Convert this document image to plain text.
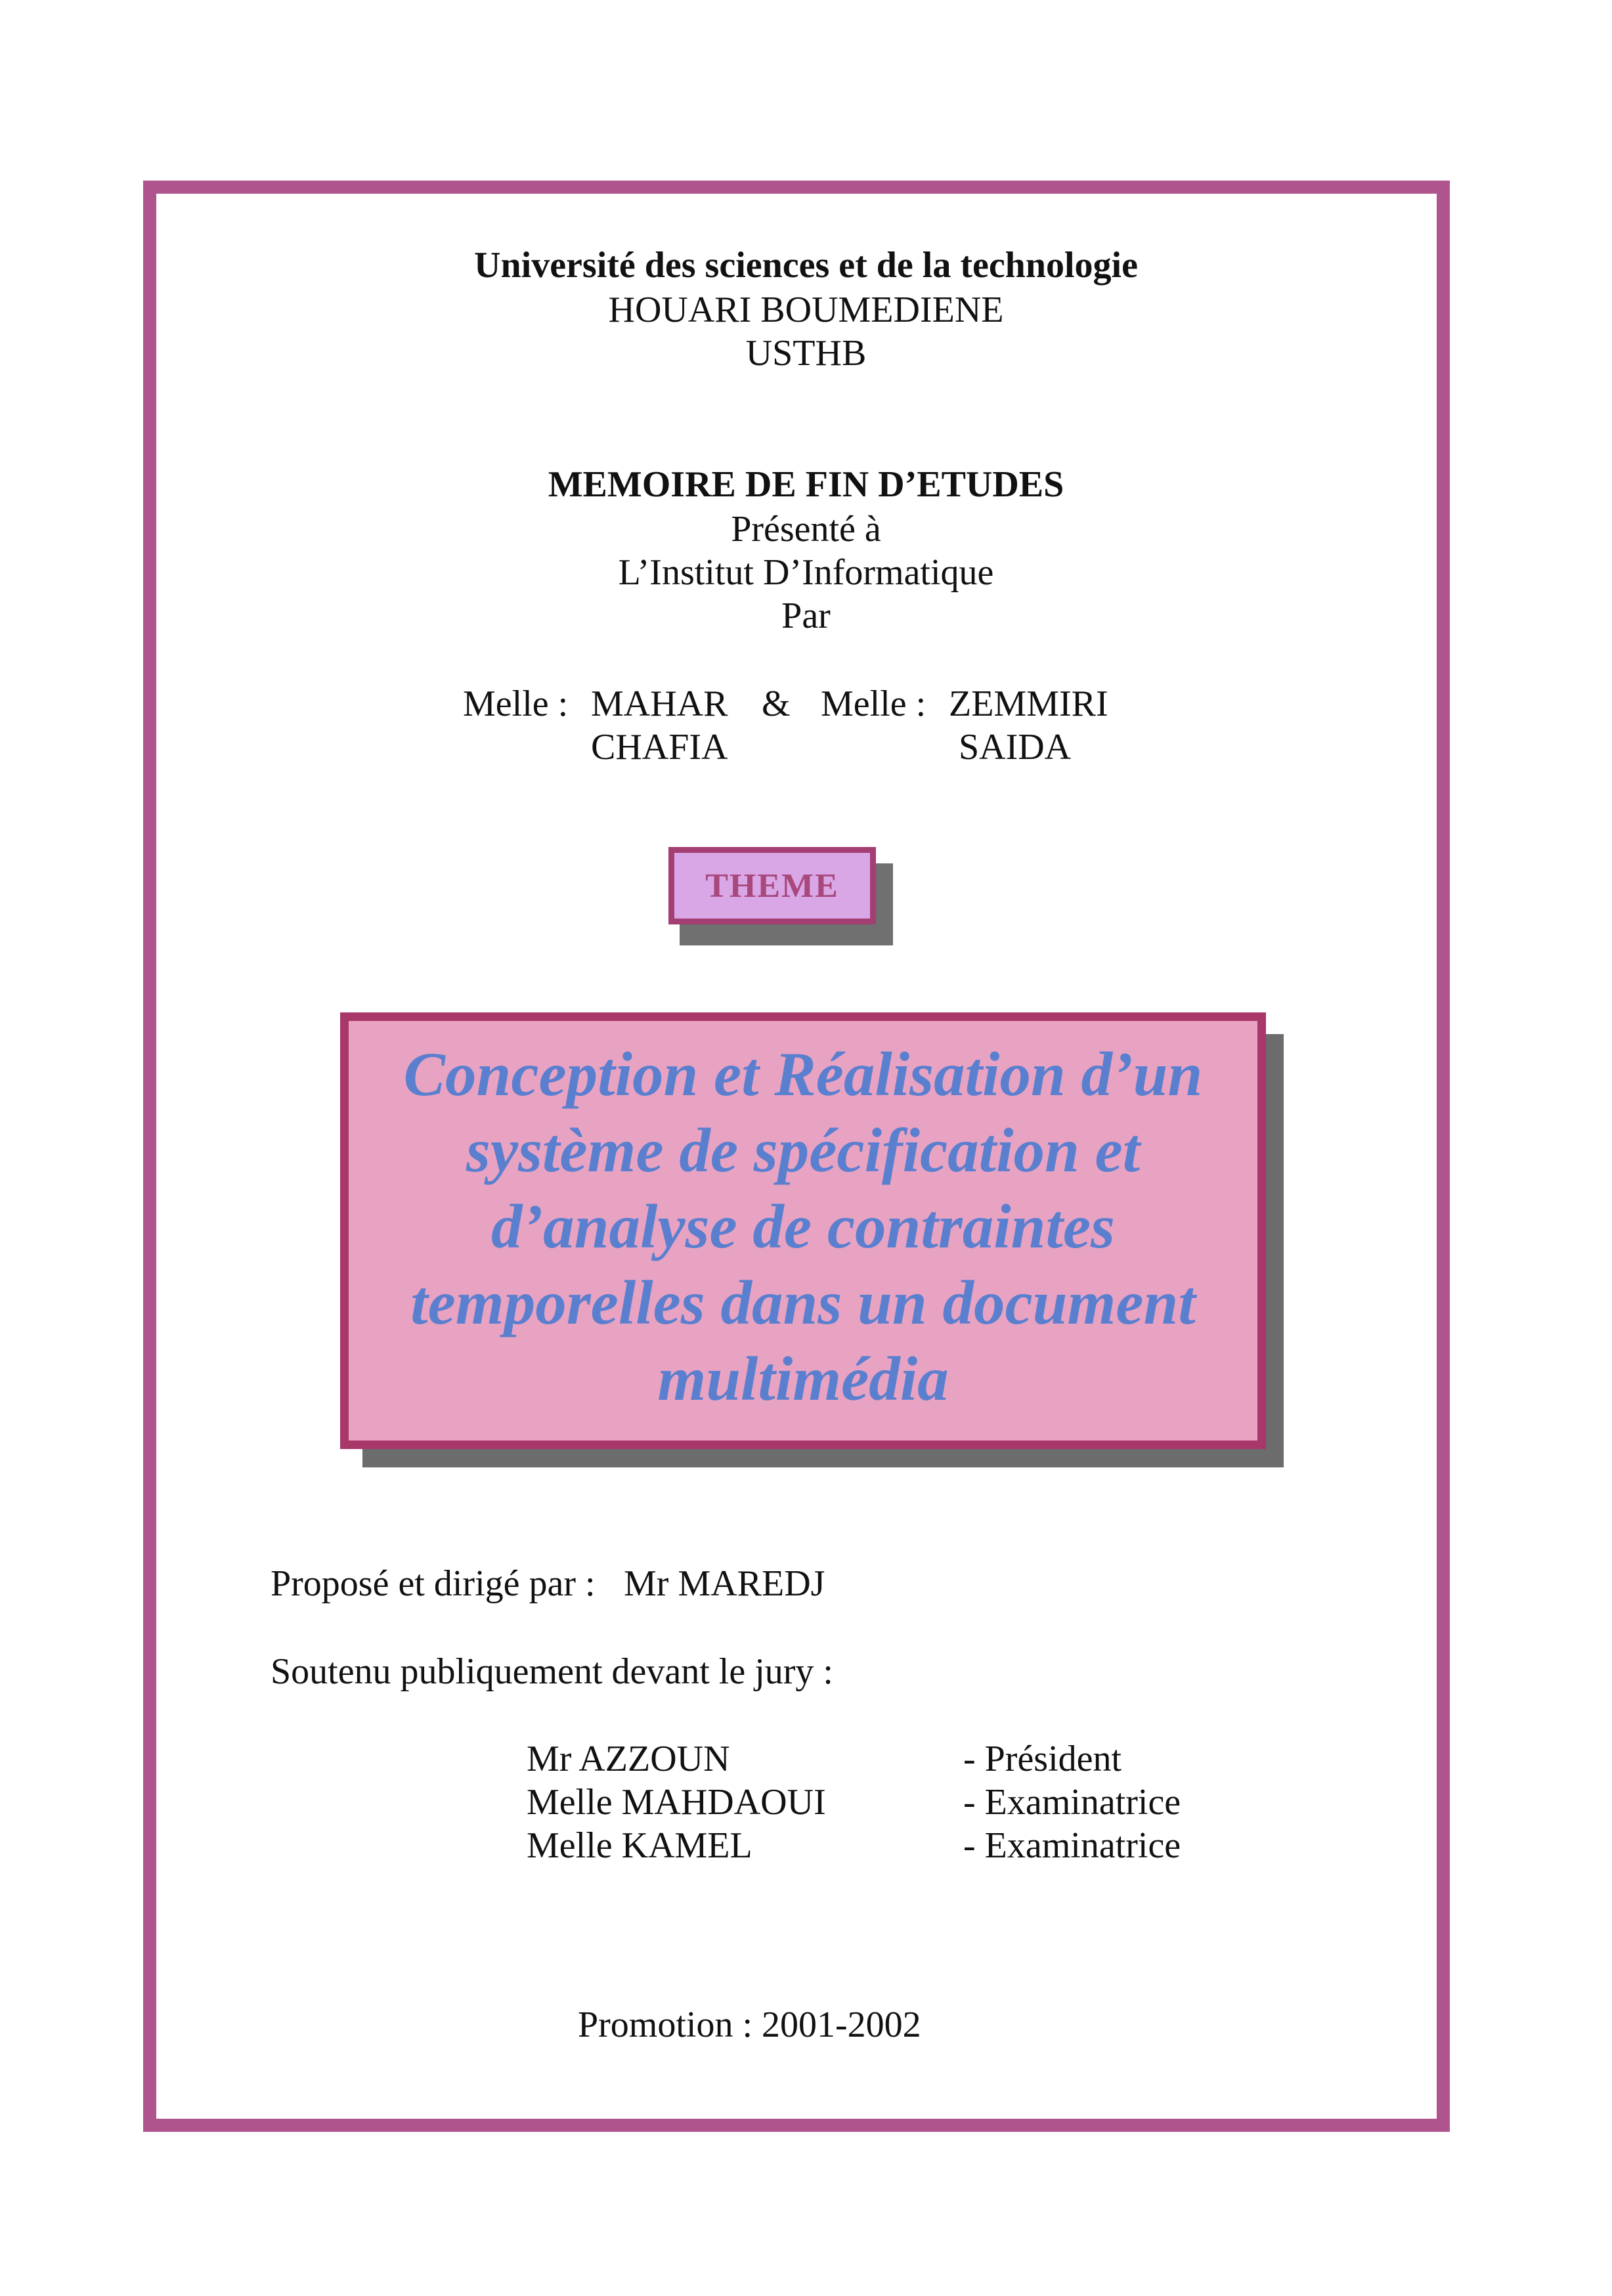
Université des sciences et de la technologie
HOUARI BOUMEDIENE
USTHB
MEMOIRE DE FIN D’ETUDES
Présenté à
L’Institut D’Informatique
Par
Melle : MAHAR & Melle : ZEMMIRI
CHAFIA	SAIDA
THEME
Conception et Réalisation d’un système de spécification et d’analyse de contraintes temporelles dans un document multimédia
Proposé et dirigé par : Mr MAREDJ
Soutenu publiquement devant le jury :
Mr AZZOUN	- Président
Melle MAHDAOUI	- Examinatrice
Melle KAMEL	- Examinatrice
Promotion : 2001-2002
